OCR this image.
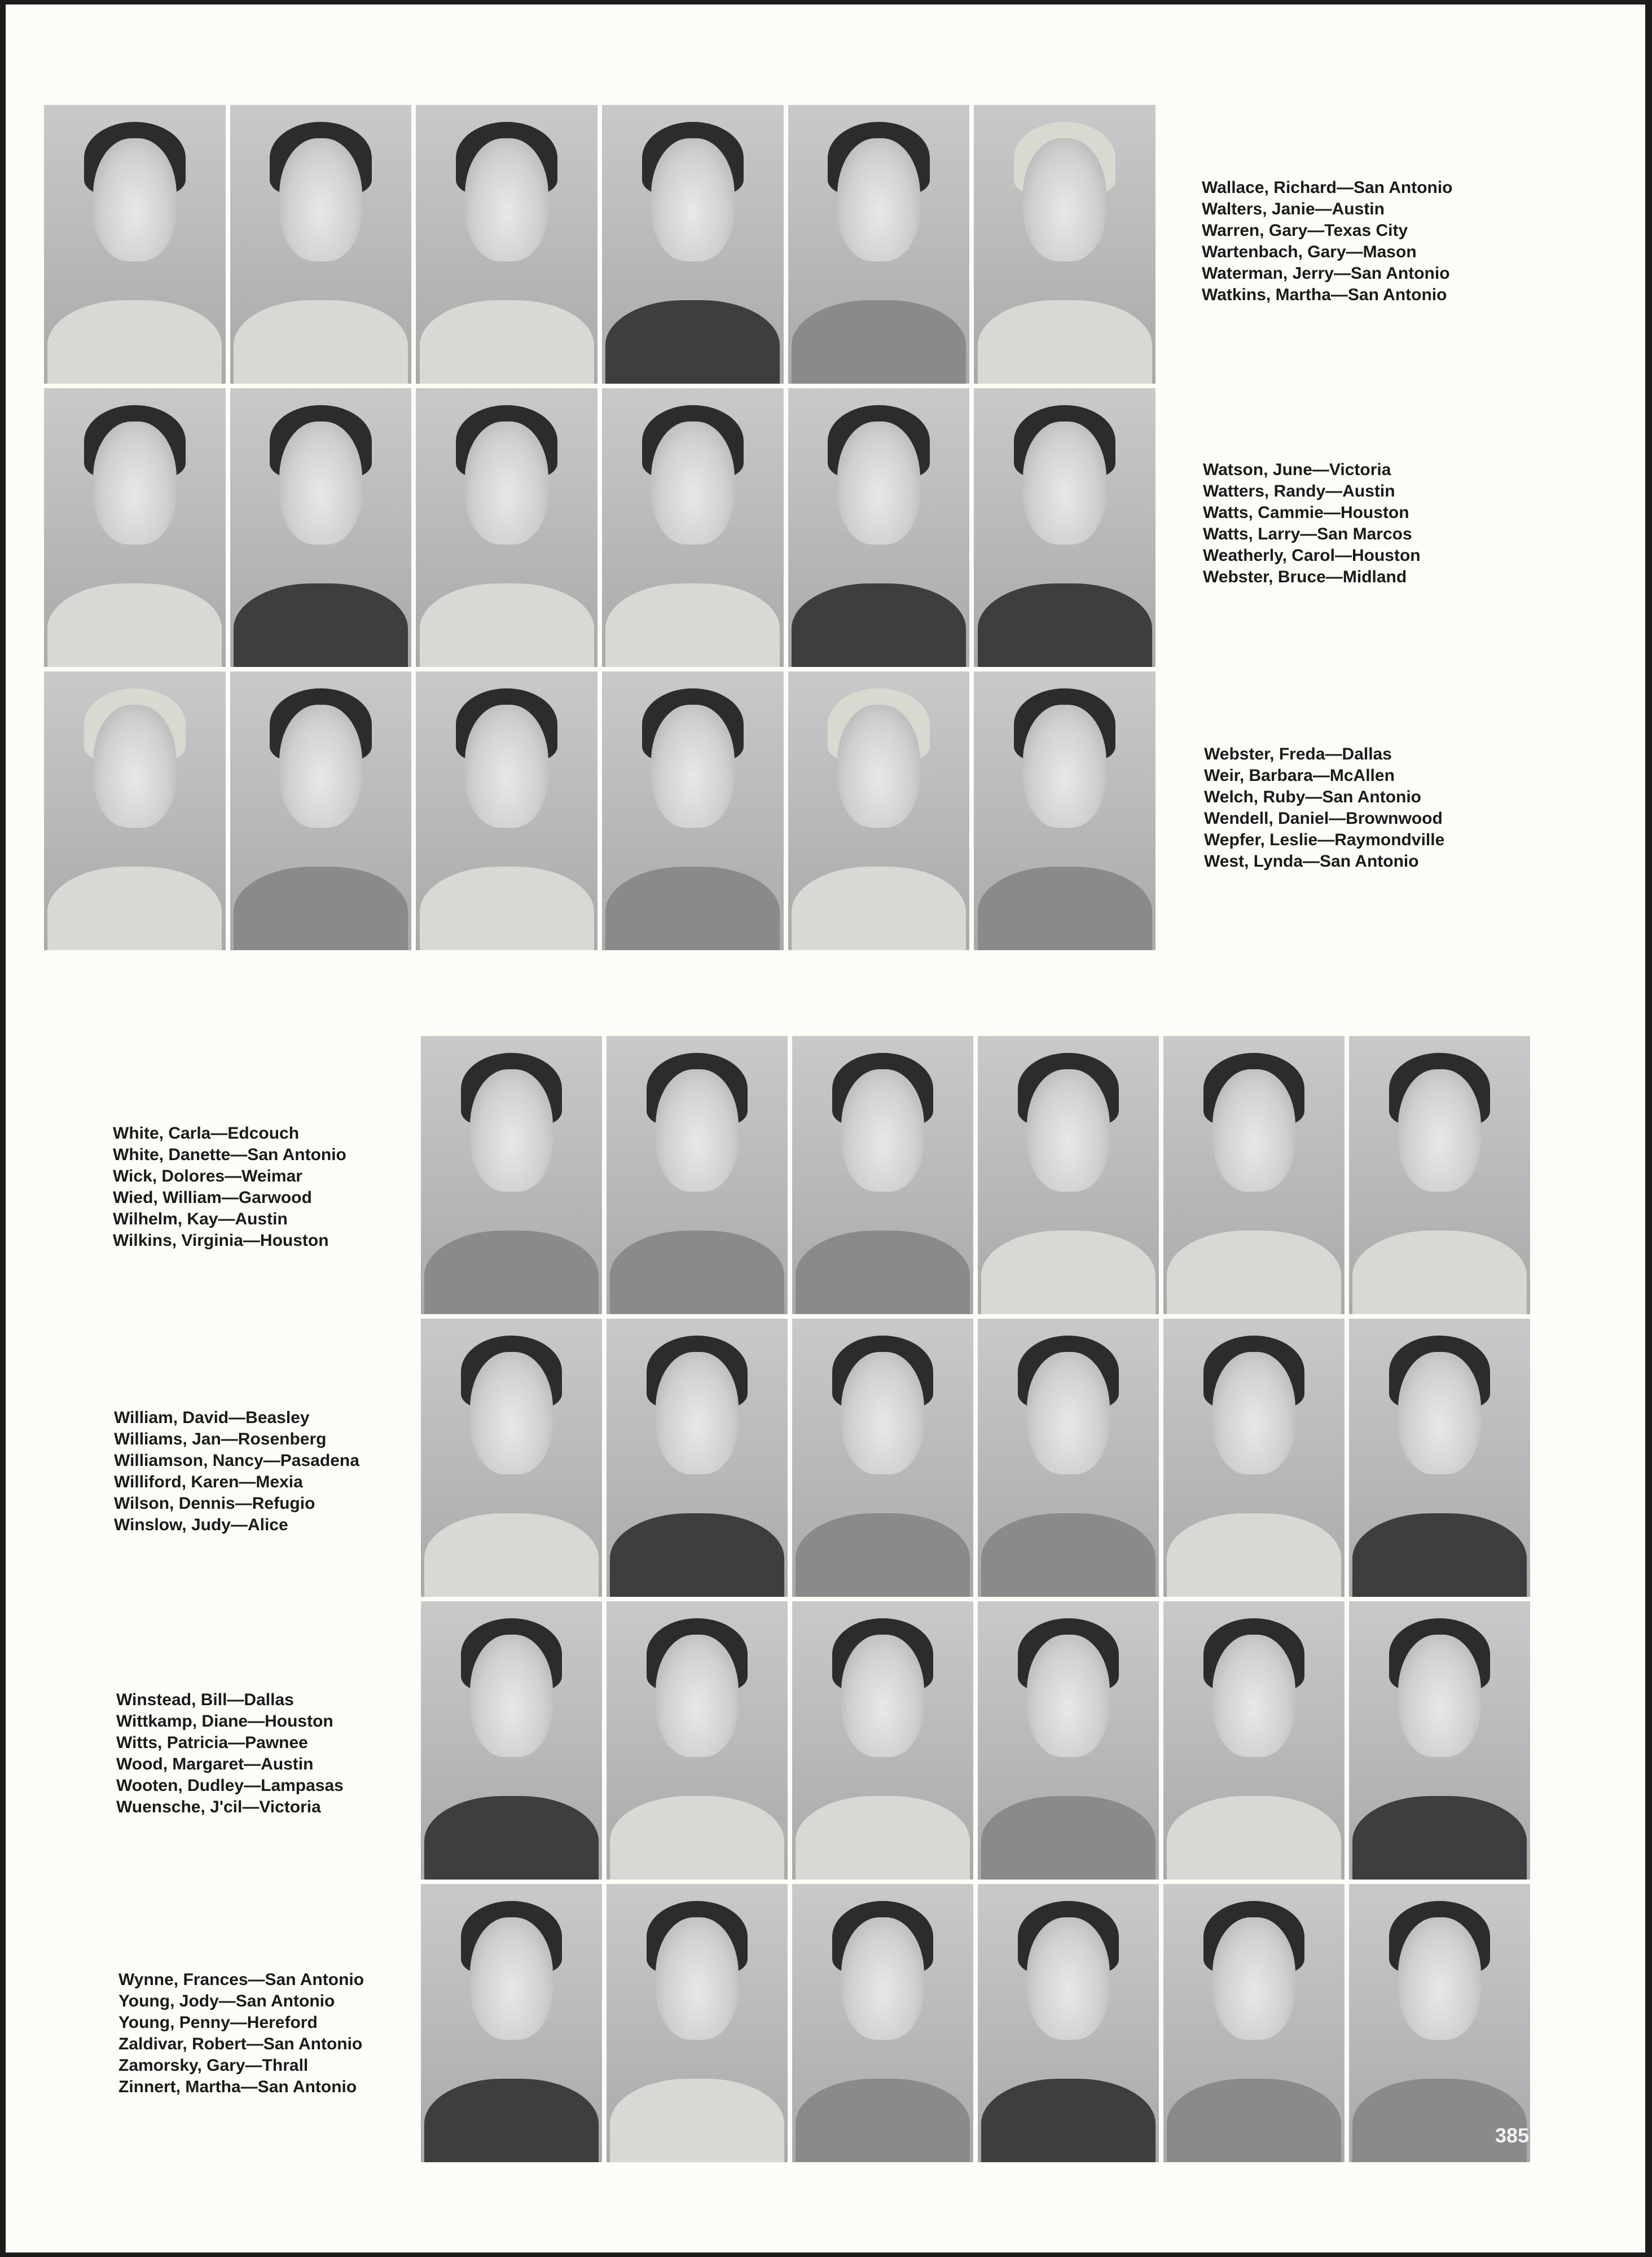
Wallace, Richard—San Antonio
Walters, Janie—Austin
Warren, Gary—Texas City
Wartenbach, Gary—Mason
Waterman, Jerry—San Antonio
Watkins, Martha—San Antonio
Watson, June—Victoria
Watters, Randy—Austin
Watts, Cammie—Houston
Watts, Larry—San Marcos
Weatherly, Carol—Houston
Webster, Bruce—Midland
Webster, Freda—Dallas
Weir, Barbara—McAllen
Welch, Ruby—San Antonio
Wendell, Daniel—Brownwood
Wepfer, Leslie—Raymondville
West, Lynda—San Antonio
White, Carla—Edcouch
White, Danette—San Antonio
Wick, Dolores—Weimar
Wied, William—Garwood
Wilhelm, Kay—Austin
Wilkins, Virginia—Houston
William, David—Beasley
Williams, Jan—Rosenberg
Williamson, Nancy—Pasadena
Williford, Karen—Mexia
Wilson, Dennis—Refugio
Winslow, Judy—Alice
Winstead, Bill—Dallas
Wittkamp, Diane—Houston
Witts, Patricia—Pawnee
Wood, Margaret—Austin
Wooten, Dudley—Lampasas
Wuensche, J'cil—Victoria
Wynne, Frances—San Antonio
Young, Jody—San Antonio
Young, Penny—Hereford
Zaldivar, Robert—San Antonio
Zamorsky, Gary—Thrall
Zinnert, Martha—San Antonio
385
